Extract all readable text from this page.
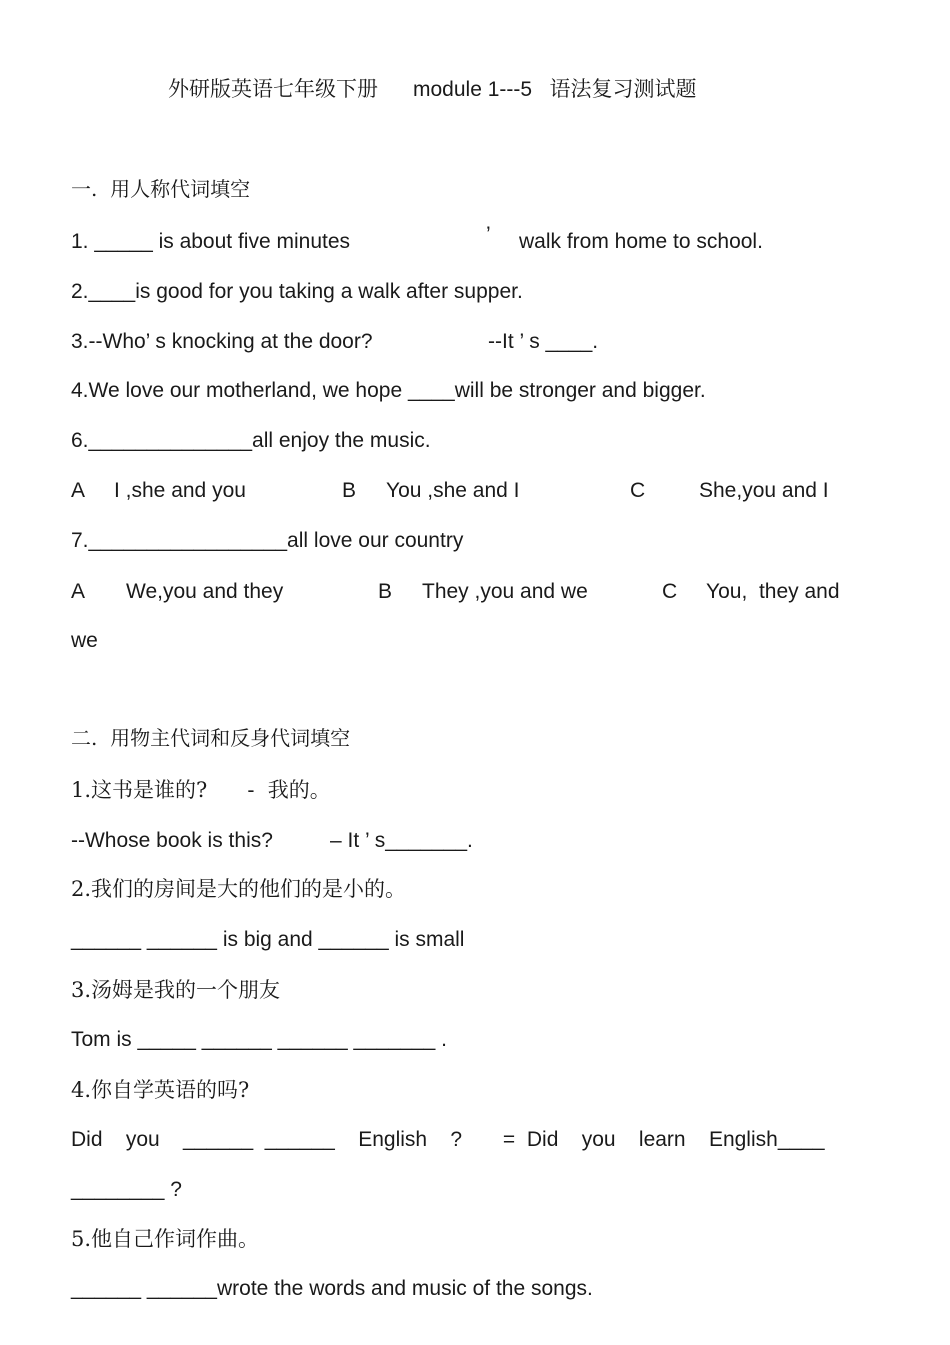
外研版英语七年级下册      module 1---5   语法复习测试题
一.  用人称代词填空
1. _____ is about five minutes	’ walk from home to school.
2.____is good for you taking a walk after supper.
3.--Who’ s knocking at the door?	--It ’ s ____.
4.We love our motherland, we hope ____will be stronger and bigger.
6.______________all enjoy the music.
A I ,she and you	B You ,she and I	C	She,you and I
7._________________all love our country
A We,you and they	B They ,you and we	C You,  they and
we
二.  用物主代词和反身代词填空
1.这书是谁的?      -  我的。
--Whose book is this?	– It ’ s_______.
2.我们的房间是大的他们的是小的。
______ ______ is big and ______ is small
3.汤姆是我的一个朋友
Tom is _____ ______ ______ _______ .
4.你自学英语的吗?
Did    you    ______  ______    English    ?       =  Did    you    learn    English____
________ ?
5.他自己作词作曲。
______ ______wrote the words and music of the songs.
